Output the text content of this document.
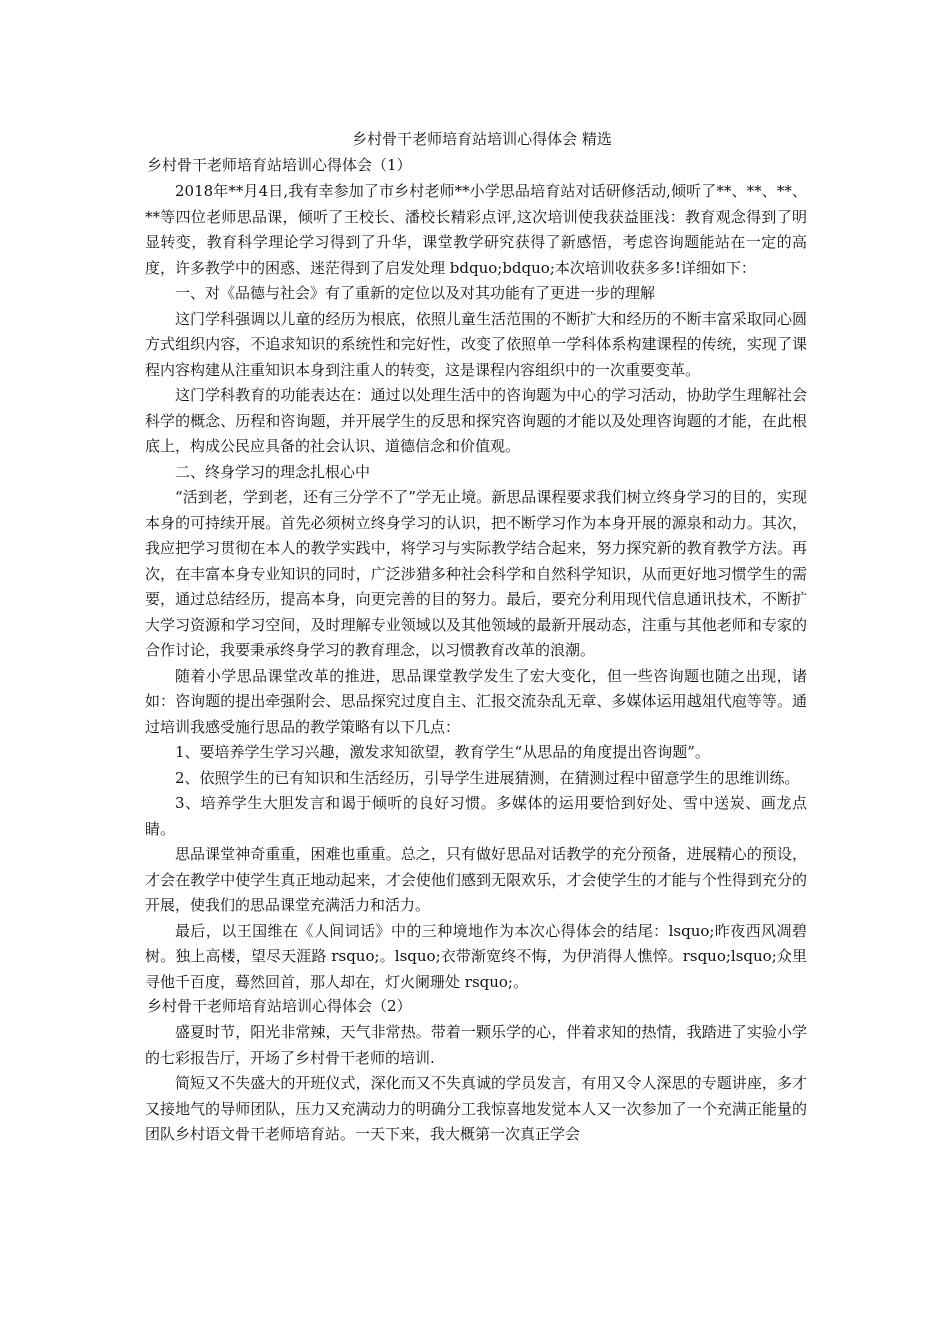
乡村骨干老师培育站培训心得体会 精选
乡村骨干老师培育站培训心得体会（1）

2018年**月4日,我有幸参加了市乡村老师**小学思品培育站对话研修活动,倾听了**、**、**、**等四位老师思品课，倾听了王校长、潘校长精彩点评,这次培训使我获益匪浅：教育观念得到了明显转变，教育科学理论学习得到了升华，课堂教学研究获得了新感悟，考虑咨询题能站在一定的高度，许多教学中的困惑、迷茫得到了启发处理 bdquo;bdquo;本次培训收获多多!详细如下：

一、对《品德与社会》有了重新的定位以及对其功能有了更进一步的理解

这门学科强调以儿童的经历为根底，依照儿童生活范围的不断扩大和经历的不断丰富采取同心圆方式组织内容，不追求知识的系统性和完好性，改变了依照单一学科体系构建课程的传统，实现了课程内容构建从注重知识本身到注重人的转变，这是课程内容组织中的一次重要变革。

这门学科教育的功能表达在：通过以处理生活中的咨询题为中心的学习活动，协助学生理解社会科学的概念、历程和咨询题，并开展学生的反思和探究咨询题的才能以及处理咨询题的才能，在此根底上，构成公民应具备的社会认识、道德信念和价值观。

二、终身学习的理念扎根心中

“活到老，学到老，还有三分学不了”学无止境。新思品课程要求我们树立终身学习的目的，实现本身的可持续开展。首先必须树立终身学习的认识，把不断学习作为本身开展的源泉和动力。其次，我应把学习贯彻在本人的教学实践中，将学习与实际教学结合起来，努力探究新的教育教学方法。再次，在丰富本身专业知识的同时，广泛涉猎多种社会科学和自然科学知识，从而更好地习惯学生的需要，通过总结经历，提高本身，向更完善的目的努力。最后，要充分利用现代信息通讯技术，不断扩大学习资源和学习空间，及时理解专业领域以及其他领域的最新开展动态，注重与其他老师和专家的合作讨论，我要秉承终身学习的教育理念，以习惯教育改革的浪潮。

随着小学思品课堂改革的推进，思品课堂教学发生了宏大变化，但一些咨询题也随之出现，诸如：咨询题的提出牵强附会、思品探究过度自主、汇报交流杂乱无章、多媒体运用越俎代庖等等。通过培训我感受施行思品的教学策略有以下几点：

1、要培养学生学习兴趣，激发求知欲望，教育学生“从思品的角度提出咨询题”。

2、依照学生的已有知识和生活经历，引导学生进展猜测，在猜测过程中留意学生的思维训练。

3、培养学生大胆发言和谒于倾听的良好习惯。多媒体的运用要恰到好处、雪中送炭、画龙点睛。

思品课堂神奇重重，困难也重重。总之，只有做好思品对话教学的充分预备，进展精心的预设，才会在教学中使学生真正地动起来，才会使他们感到无限欢乐，才会使学生的才能与个性得到充分的开展，使我们的思品课堂充满活力和活力。

最后，以王国维在《人间词话》中的三种境地作为本次心得体会的结尾：lsquo;昨夜西风凋碧树。独上高楼，望尽天涯路 rsquo;。lsquo;衣带渐宽终不悔，为伊消得人憔悴。rsquo;lsquo;众里寻他千百度，蓦然回首，那人却在，灯火阑珊处 rsquo;。

乡村骨干老师培育站培训心得体会（2）

盛夏时节，阳光非常辣，天气非常热。带着一颗乐学的心，伴着求知的热情，我踏进了实验小学的七彩报告厅，开场了乡村骨干老师的培训.

简短又不失盛大的开班仪式，深化而又不失真诚的学员发言，有用又令人深思的专题讲座，多才又接地气的导师团队，压力又充满动力的明确分工我惊喜地发觉本人又一次参加了一个充满正能量的团队乡村语文骨干老师培育站。一天下来，我大概第一次真正学会
